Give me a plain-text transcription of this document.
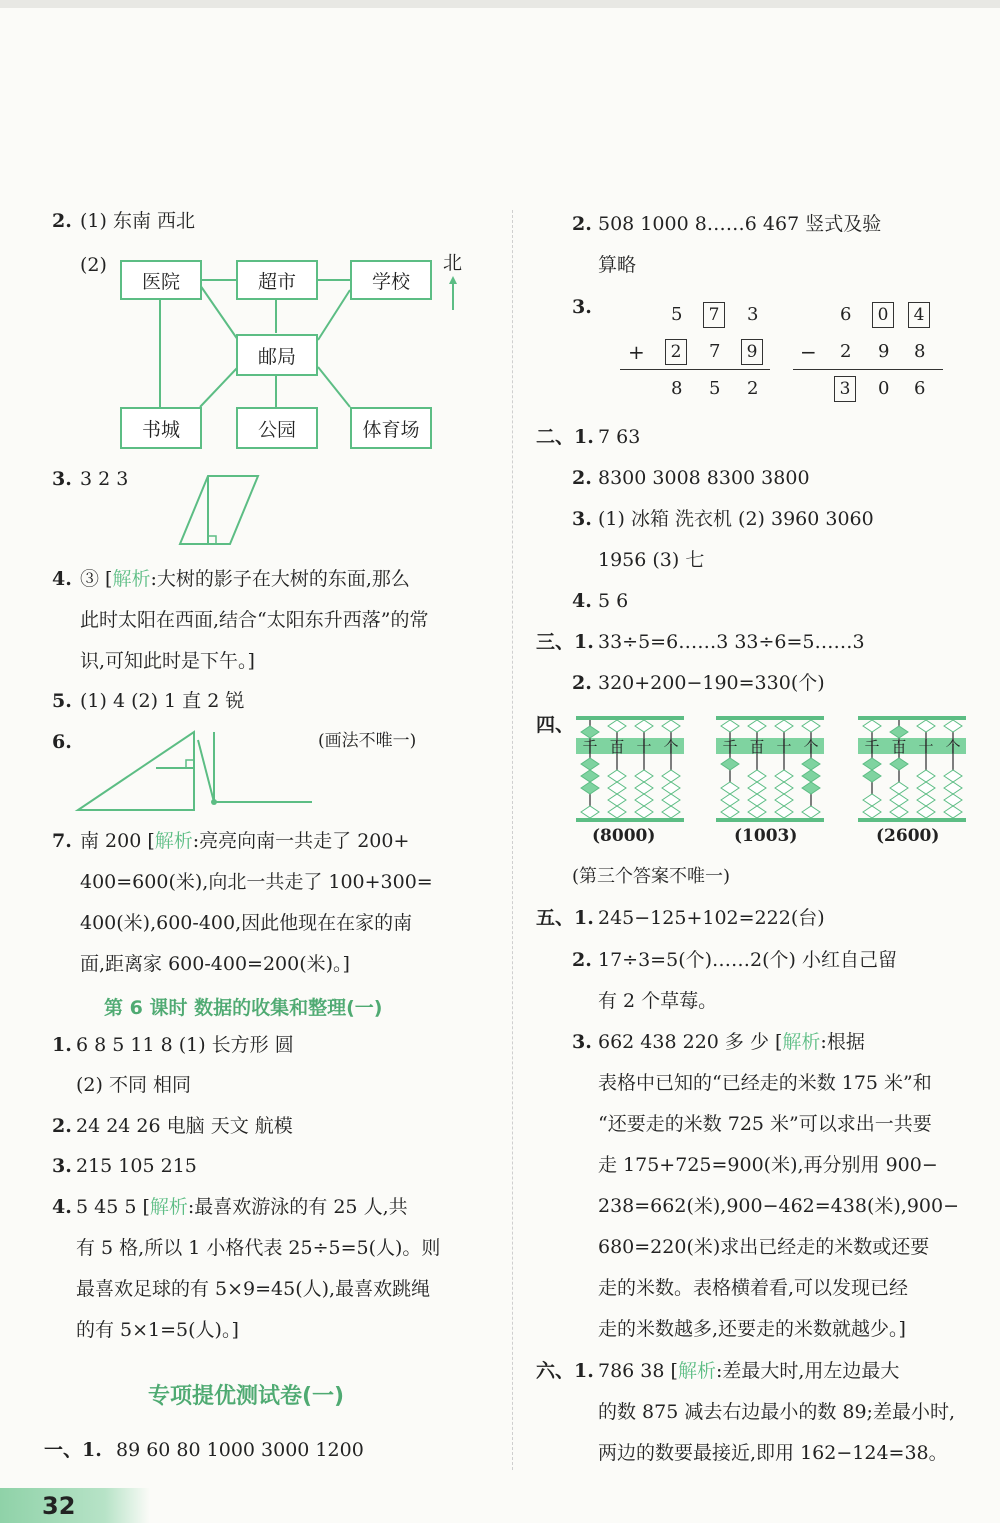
2. (1) 东南 西北
(2)
医院	超市	学校
邮局
书城	公园	体育场
北
3. 3 2 3
4. ③ [解析:大树的影子在大树的东面,那么
此时太阳在西面,结合“太阳东升西落”的常
识,可知此时是下午。]
5. (1) 4 (2) 1 直 2 锐
6.	(画法不唯一)
7. 南 200 [解析:亮亮向南一共走了 200+
400=600(米),向北一共走了 100+300=
400(米),600-400,因此他现在在家的南
面,距离家 600-400=200(米)。]
第 6 课时 数据的收集和整理(一)
1. 6 8 5 11 8 (1) 长方形 圆
(2) 不同 相同
2. 24 24 26 电脑 天文 航模
3. 215 105 215
4. 5 45 5 [解析:最喜欢游泳的有 25 人,共
有 5 格,所以 1 小格代表 25÷5=5(人)。则
最喜欢足球的有 5×9=45(人),最喜欢跳绳
的有 5×1=5(人)。]
专项提优测试卷(一)
一、1. 89 60 80 1000 3000 1200
2. 508 1000 8……6 467 竖式及验
算略
3.	5	7	3
+	2	7	9
8 5 2
6	0	4
− 2 9 8
3	0 6
二、1. 7 63
2. 8300 3008 8300 3800
3. (1) 冰箱 洗衣机 (2) 3960 3060
1956 (3) 七
4. 5 6
三、1. 33÷5=6……3 33÷6=5……3
2. 320+200−190=330(个)
四、
千 百 十 个	千 百 十 个	千 百 十 个
(8000)	(1003)	(2600)
(第三个答案不唯一)
五、1. 245−125+102=222(台)
2. 17÷3=5(个)……2(个) 小红自己留
有 2 个草莓。
3. 662 438 220 多 少 [解析:根据
表格中已知的“已经走的米数 175 米”和
“还要走的米数 725 米”可以求出一共要
走 175+725=900(米),再分别用 900−
238=662(米),900−462=438(米),900−
680=220(米)求出已经走的米数或还要
走的米数。表格横着看,可以发现已经
走的米数越多,还要走的米数就越少。]
六、1. 786 38 [解析:差最大时,用左边最大
的数 875 减去右边最小的数 89;差最小时,
两边的数要最接近,即用 162−124=38。
32
